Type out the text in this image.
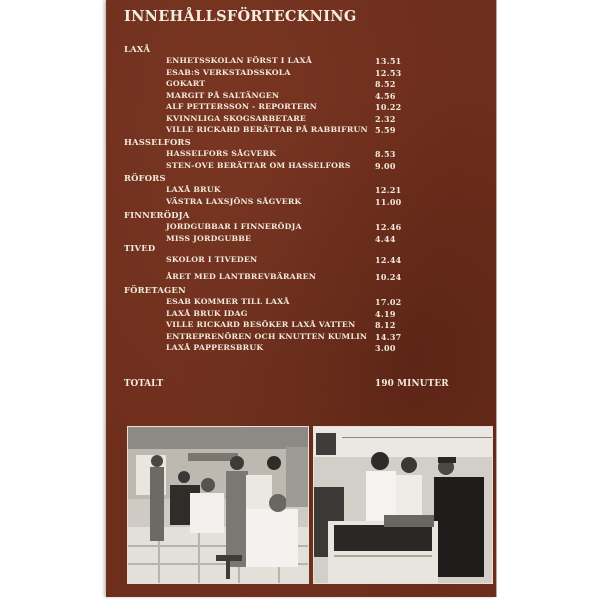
INNEHÅLLSFÖRTECKNING
LAXÅ
ENHETSSKOLAN FÖRST I LAXÅ	13.51
ESAB:S VERKSTADSSKOLA	12.53
GOKART	8.52
MARGIT PÅ SALTÄNGEN	4.56
ALF PETTERSSON - REPORTERN	10.22
KVINNLIGA SKOGSARBETARE	2.32
VILLE RICKARD BERÄTTAR PÅ RABBIFRUN 5.59
HASSELFORS
HASSELFORS SÅGVERK	8.53
STEN-OVE BERÄTTAR OM HASSELFORS	9.00
RÖFORS
LAXÅ BRUK	12.21
VÄSTRA LAXSJÖNS SÅGVERK	11.00
FINNERÖDJA
JORDGUBBAR I FINNERÖDJA	12.46
MISS JORDGUBBE	4.44
TIVED
SKOLOR I TIVEDEN	12.44
ÅRET MED LANTBREVBÄRAREN	10.24
FÖRETAGEN
ESAB KOMMER TILL LAXÅ	17.02
LAXÅ BRUK IDAG	4.19
VILLE RICKARD BESÖKER LAXÅ VATTEN 8.12
ENTREPRENÖREN OCH KNUTTEN KUMLIN 14.37
LAXÅ PAPPERSBRUK	3.00
TOTALT	190 MINUTER
